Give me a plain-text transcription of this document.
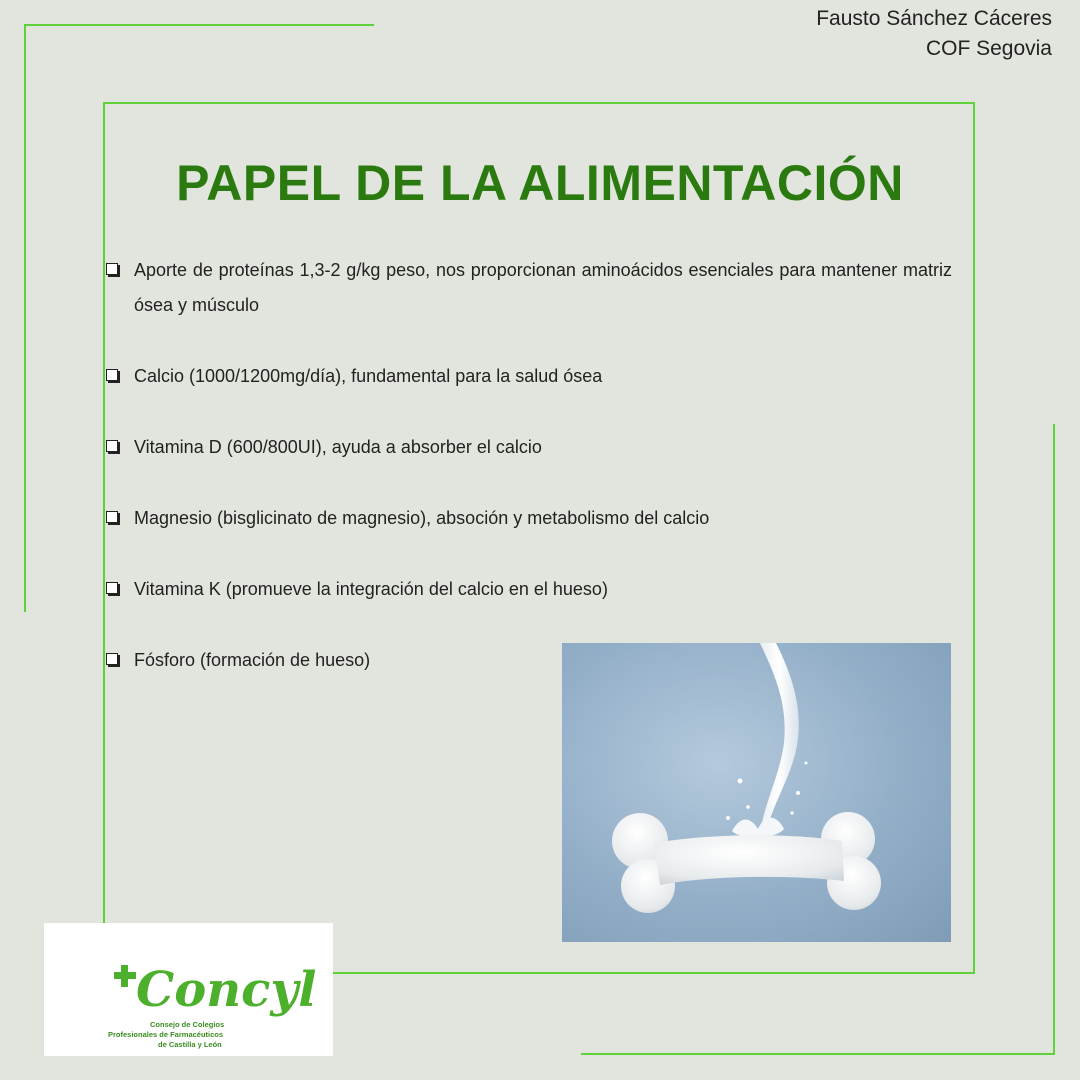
Fausto Sánchez Cáceres
COF Segovia
PAPEL DE LA ALIMENTACIÓN
Aporte de proteínas 1,3-2 g/kg peso, nos proporcionan aminoácidos esenciales para mantener matriz ósea y músculo
Calcio (1000/1200mg/día), fundamental para la salud ósea
Vitamina D (600/800UI), ayuda a absorber el calcio
Magnesio (bisglicinato de magnesio), absoción y metabolismo del calcio
Vitamina K (promueve la integración del calcio en el hueso)
Fósforo (formación de hueso)
Concyl
Consejo de Colegios
Profesionales de Farmacéuticos
de Castilla y León
